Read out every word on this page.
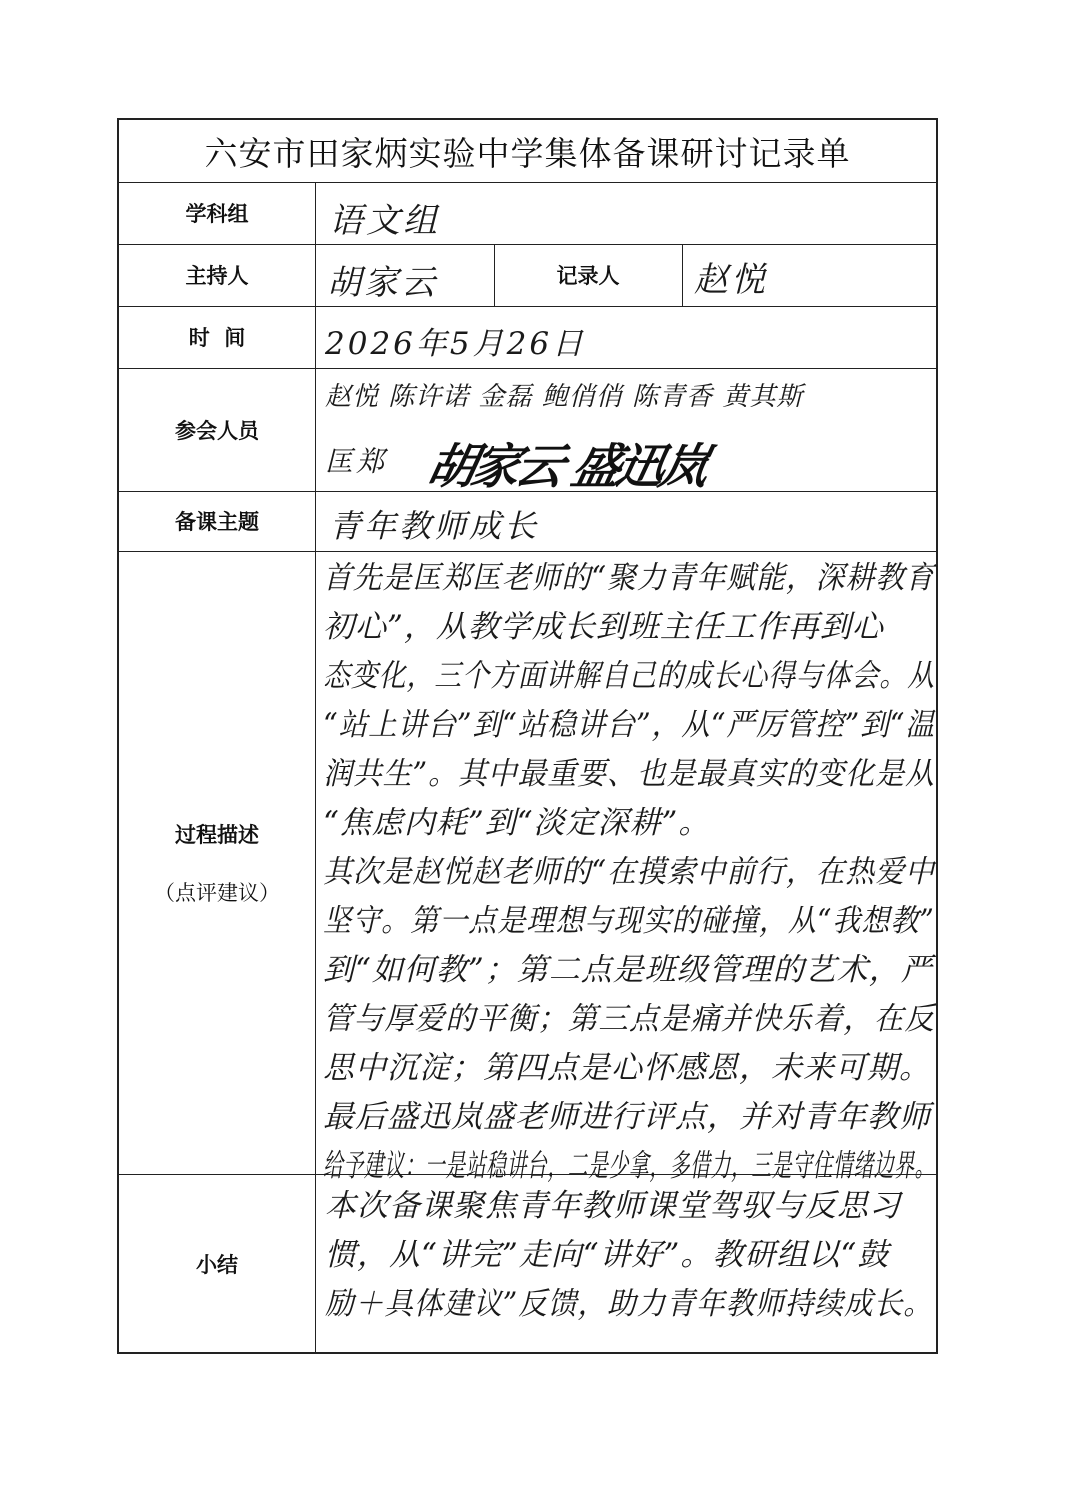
六安市田家炳实验中学集体备课研讨记录单
学科组
主持人	记录人
时  间
参会人员
备课主题
过程描述
（点评建议）
小结
语文组
胡家云	赵悦
2026年5月26日
赵悦 陈许诺 金磊 鲍俏俏 陈青香 黄其斯
匡郑 胡家云 盛迅岚
青年教师成长
首先是匡郑匡老师的“聚力青年赋能，深耕教育
初心”，从教学成长到班主任工作再到心
态变化，三个方面讲解自己的成长心得与体会。从
“站上讲台”到“站稳讲台”，从“严厉管控”到“温
润共生”。其中最重要、也是最真实的变化是从
“焦虑内耗”到“淡定深耕”。
其次是赵悦赵老师的“在摸索中前行，在热爱中
坚守。第一点是理想与现实的碰撞，从“我想教”
到“如何教”；第二点是班级管理的艺术，严
管与厚爱的平衡；第三点是痛并快乐着，在反
思中沉淀；第四点是心怀感恩，未来可期。
最后盛迅岚盛老师进行评点，并对青年教师
给予建议：一是站稳讲台，二是少拿，多借力，三是守住情绪边界。
本次备课聚焦青年教师课堂驾驭与反思习
惯，从“讲完”走向“讲好”。教研组以“鼓
励＋具体建议”反馈，助力青年教师持续成长。
